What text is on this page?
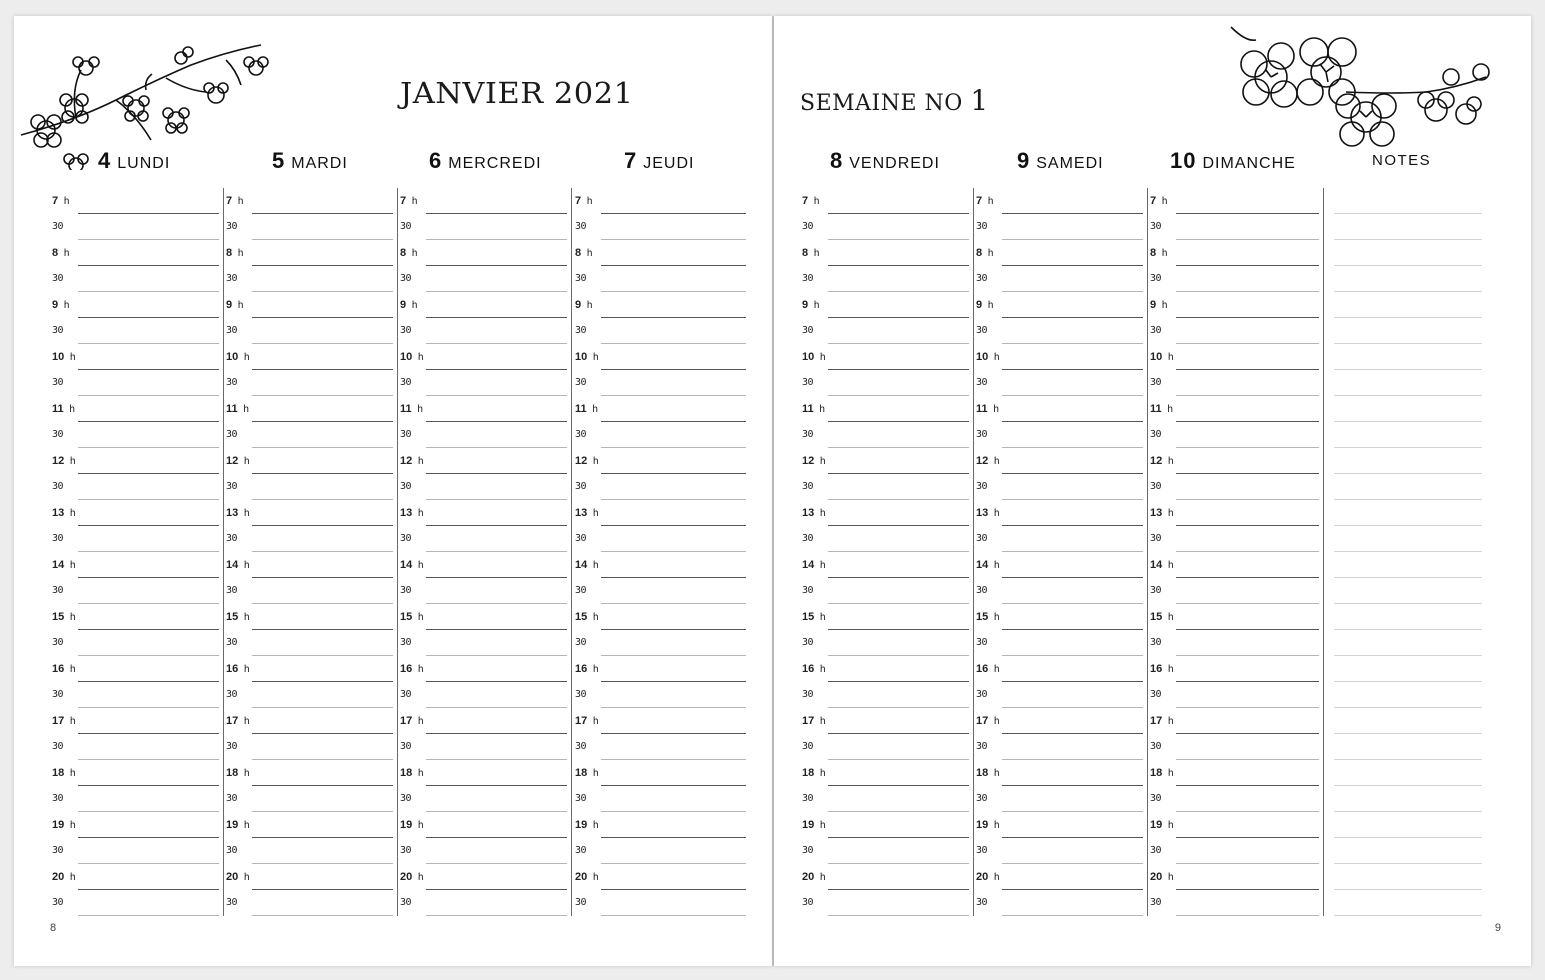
JANVIER 2021
4 LUNDI	5 MARDI	6 MERCREDI	7 JEUDI
7 h
30
8 h
30
9 h
30
10 h
30
11 h
30
12 h
30
13 h
30
14 h
30
15 h
30
16 h
30
17 h
30
18 h
30
19 h
30
20 h
30
7 h
30
8 h
30
9 h
30
10 h
30
11 h
30
12 h
30
13 h
30
14 h
30
15 h
30
16 h
30
17 h
30
18 h
30
19 h
30
20 h
30
7 h
30
8 h
30
9 h
30
10 h
30
11 h
30
12 h
30
13 h
30
14 h
30
15 h
30
16 h
30
17 h
30
18 h
30
19 h
30
20 h
30
7 h
30
8 h
30
9 h
30
10 h
30
11 h
30
12 h
30
13 h
30
14 h
30
15 h
30
16 h
30
17 h
30
18 h
30
19 h
30
20 h
30
8
SEMAINE NO 1
8 VENDREDI	9 SAMEDI	10 DIMANCHE	NOTES
7 h
30
8 h
30
9 h
30
10 h
30
11 h
30
12 h
30
13 h
30
14 h
30
15 h
30
16 h
30
17 h
30
18 h
30
19 h
30
20 h
30
7 h
30
8 h
30
9 h
30
10 h
30
11 h
30
12 h
30
13 h
30
14 h
30
15 h
30
16 h
30
17 h
30
18 h
30
19 h
30
20 h
30
7 h
30
8 h
30
9 h
30
10 h
30
11 h
30
12 h
30
13 h
30
14 h
30
15 h
30
16 h
30
17 h
30
18 h
30
19 h
30
20 h
30
9
